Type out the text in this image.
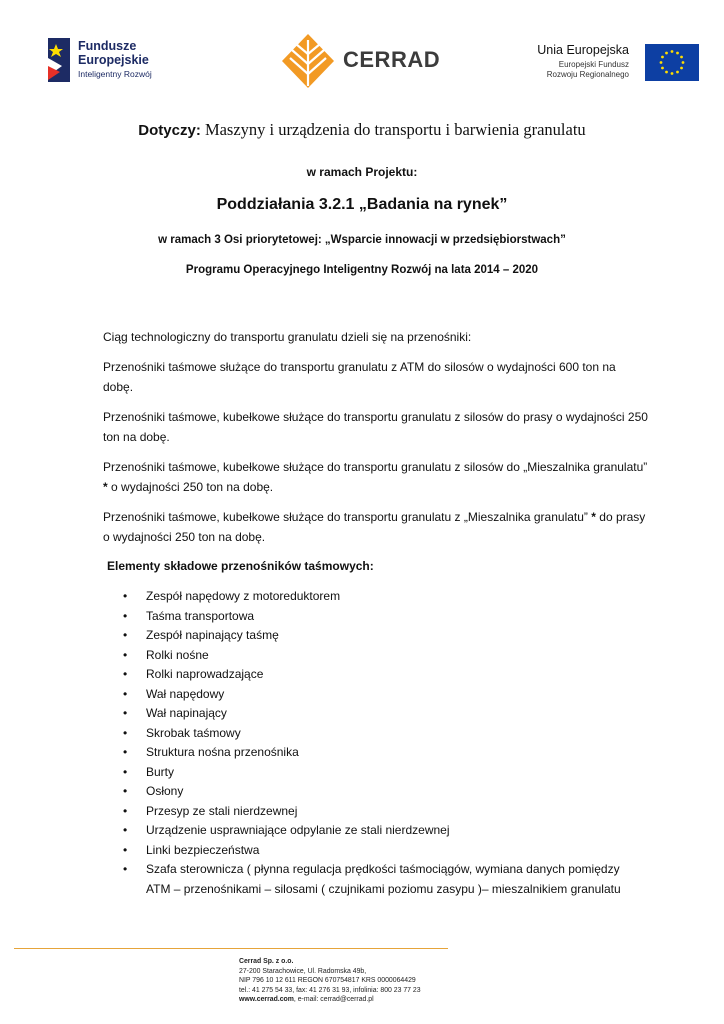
Fundusze
Europejskie
Inteligentny Rozwój
CERRAD	Unia Europejska
Europejski Fundusz
Rozwoju Regionalnego
Dotyczy: Maszyny i urządzenia do transportu i barwienia granulatu
w ramach Projektu:
Poddziałania 3.2.1 „Badania na rynek”
w ramach 3 Osi priorytetowej: „Wsparcie innowacji w przedsiębiorstwach”
Programu Operacyjnego Inteligentny Rozwój na lata 2014 – 2020
Ciąg technologiczny do transportu granulatu dzieli się na przenośniki:
Przenośniki taśmowe służące do transportu granulatu z ATM do silosów o wydajności 600 ton na dobę.
Przenośniki taśmowe, kubełkowe służące do transportu granulatu z silosów do prasy o wydajności 250 ton na dobę.
Przenośniki taśmowe, kubełkowe służące do transportu granulatu z silosów do „Mieszalnika granulatu” * o wydajności 250 ton na dobę.
Przenośniki taśmowe, kubełkowe służące do transportu granulatu z „Mieszalnika granulatu” * do prasy o wydajności 250 ton na dobę.
Elementy składowe przenośników taśmowych:
• Zespół napędowy z motoreduktorem
• Taśma transportowa
• Zespół napinający taśmę
• Rolki nośne
• Rolki naprowadzające
• Wał napędowy
• Wał napinający
• Skrobak taśmowy
• Struktura nośna przenośnika
• Burty
• Osłony
• Przesyp ze stali nierdzewnej
• Urządzenie usprawniające odpylanie ze stali nierdzewnej
• Linki bezpieczeństwa
• Szafa sterownicza ( płynna regulacja prędkości taśmociągów, wymiana danych pomiędzy ATM – przenośnikami – silosami ( czujnikami poziomu zasypu )– mieszalnikiem granulatu
Cerrad Sp. z o.o.
27-200 Starachowice, Ul. Radomska 49b,
NIP 796 10 12 611 REGON 670754817 KRS 0000064429
tel.: 41 275 54 33, fax: 41 276 31 93, infolinia: 800 23 77 23
www.cerrad.com, e-mail: cerrad@cerrad.pl
